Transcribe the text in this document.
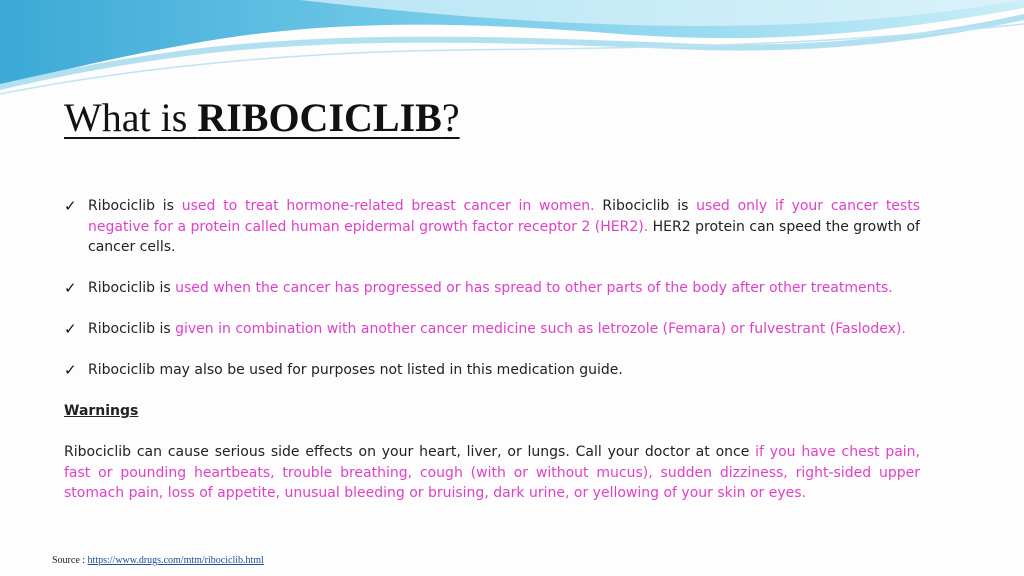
What is RIBOCICLIB?
✓ Ribociclib is used to treat hormone-related breast cancer in women. Ribociclib is used only if your cancer tests negative for a protein called human epidermal growth factor receptor 2 (HER2). HER2 protein can speed the growth of cancer cells.
✓ Ribociclib is used when the cancer has progressed or has spread to other parts of the body after other treatments.
✓ Ribociclib is given in combination with another cancer medicine such as letrozole (Femara) or fulvestrant (Faslodex).
✓ Ribociclib may also be used for purposes not listed in this medication guide.
Warnings
Ribociclib can cause serious side effects on your heart, liver, or lungs. Call your doctor at once if you have chest pain, fast or pounding heartbeats, trouble breathing, cough (with or without mucus), sudden dizziness, right-sided upper stomach pain, loss of appetite, unusual bleeding or bruising, dark urine, or yellowing of your skin or eyes.
Source : https://www.drugs.com/mtm/ribociclib.html
